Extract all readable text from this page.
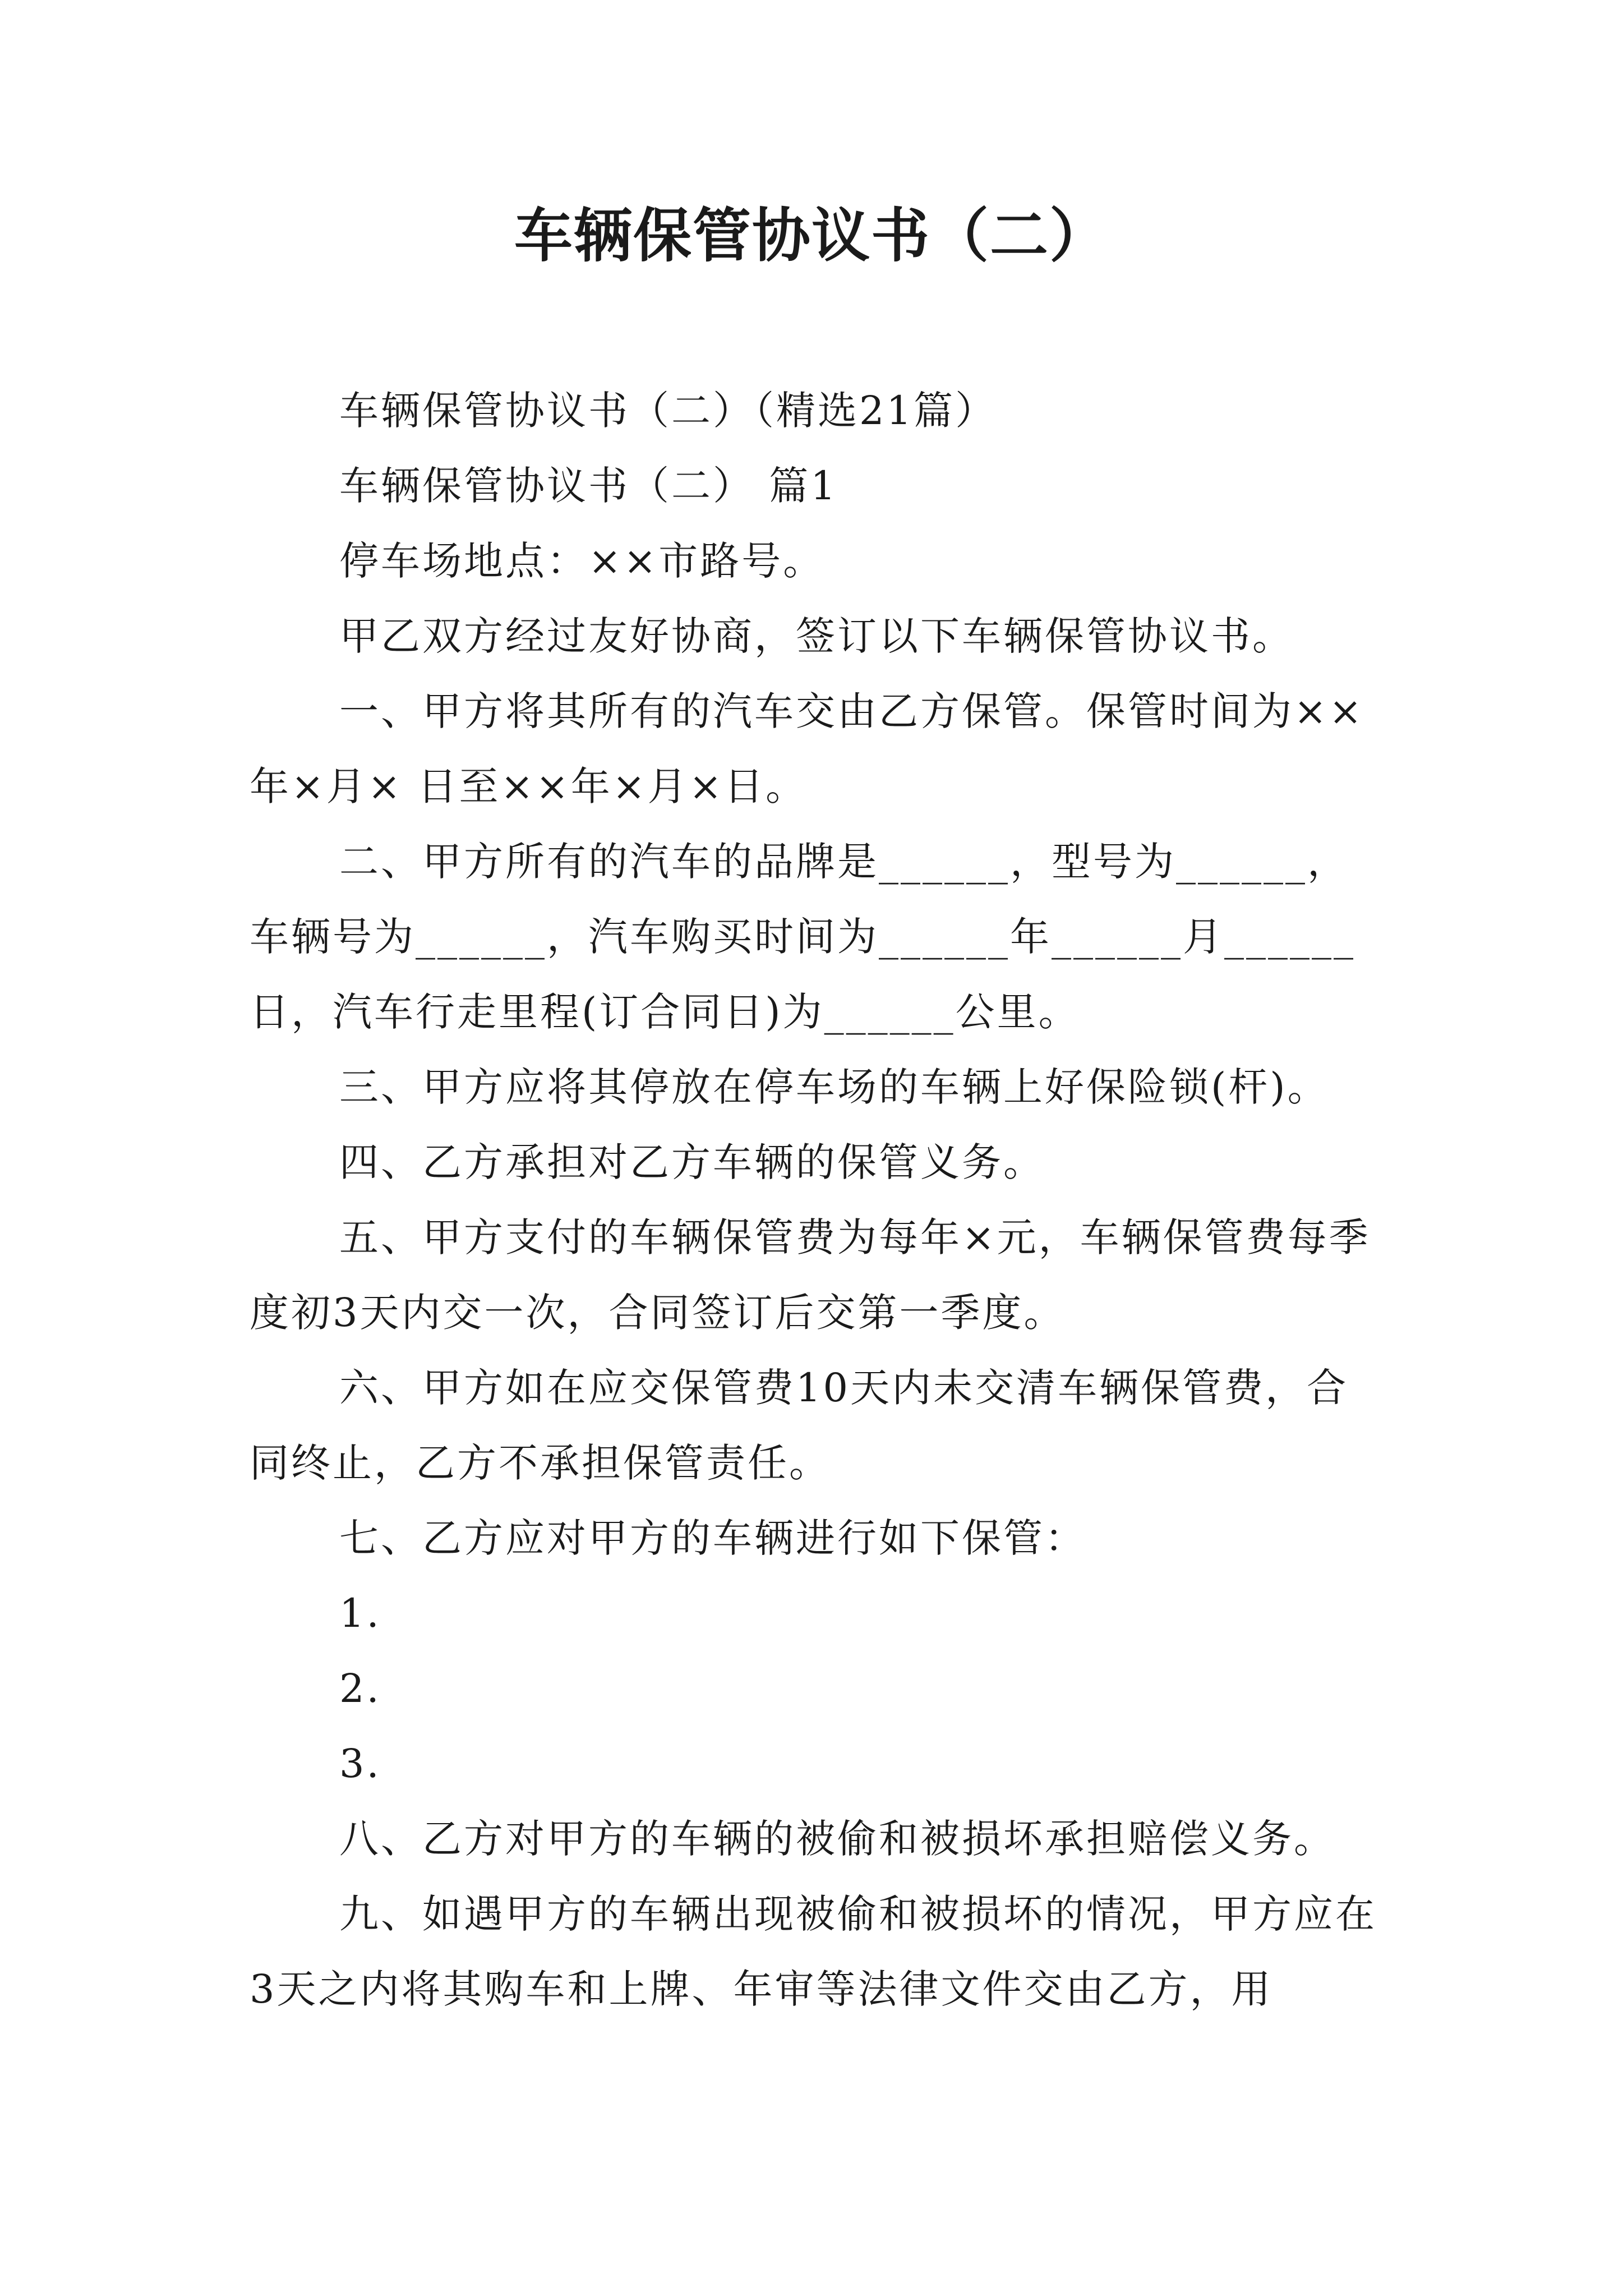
车辆保管协议书（二）

车辆保管协议书（二）（精选21篇）

车辆保管协议书（二） 篇1

停车场地点：××市路号。

甲乙双方经过友好协商，签订以下车辆保管协议书。

一、甲方将其所有的汽车交由乙方保管。保管时间为××年×月× 日至××年×月×日。

二、甲方所有的汽车的品牌是______，型号为______，车辆号为______，汽车购买时间为______年______月______日，汽车行走里程(订合同日)为______公里。

三、甲方应将其停放在停车场的车辆上好保险锁(杆)。

四、乙方承担对乙方车辆的保管义务。

五、甲方支付的车辆保管费为每年×元，车辆保管费每季度初3天内交一次，合同签订后交第一季度。

六、甲方如在应交保管费10天内未交清车辆保管费，合同终止，乙方不承担保管责任。

七、乙方应对甲方的车辆进行如下保管：

1.

2.

3.

八、乙方对甲方的车辆的被偷和被损坏承担赔偿义务。

九、如遇甲方的车辆出现被偷和被损坏的情况，甲方应在3天之内将其购车和上牌、年审等法律文件交由乙方，用
